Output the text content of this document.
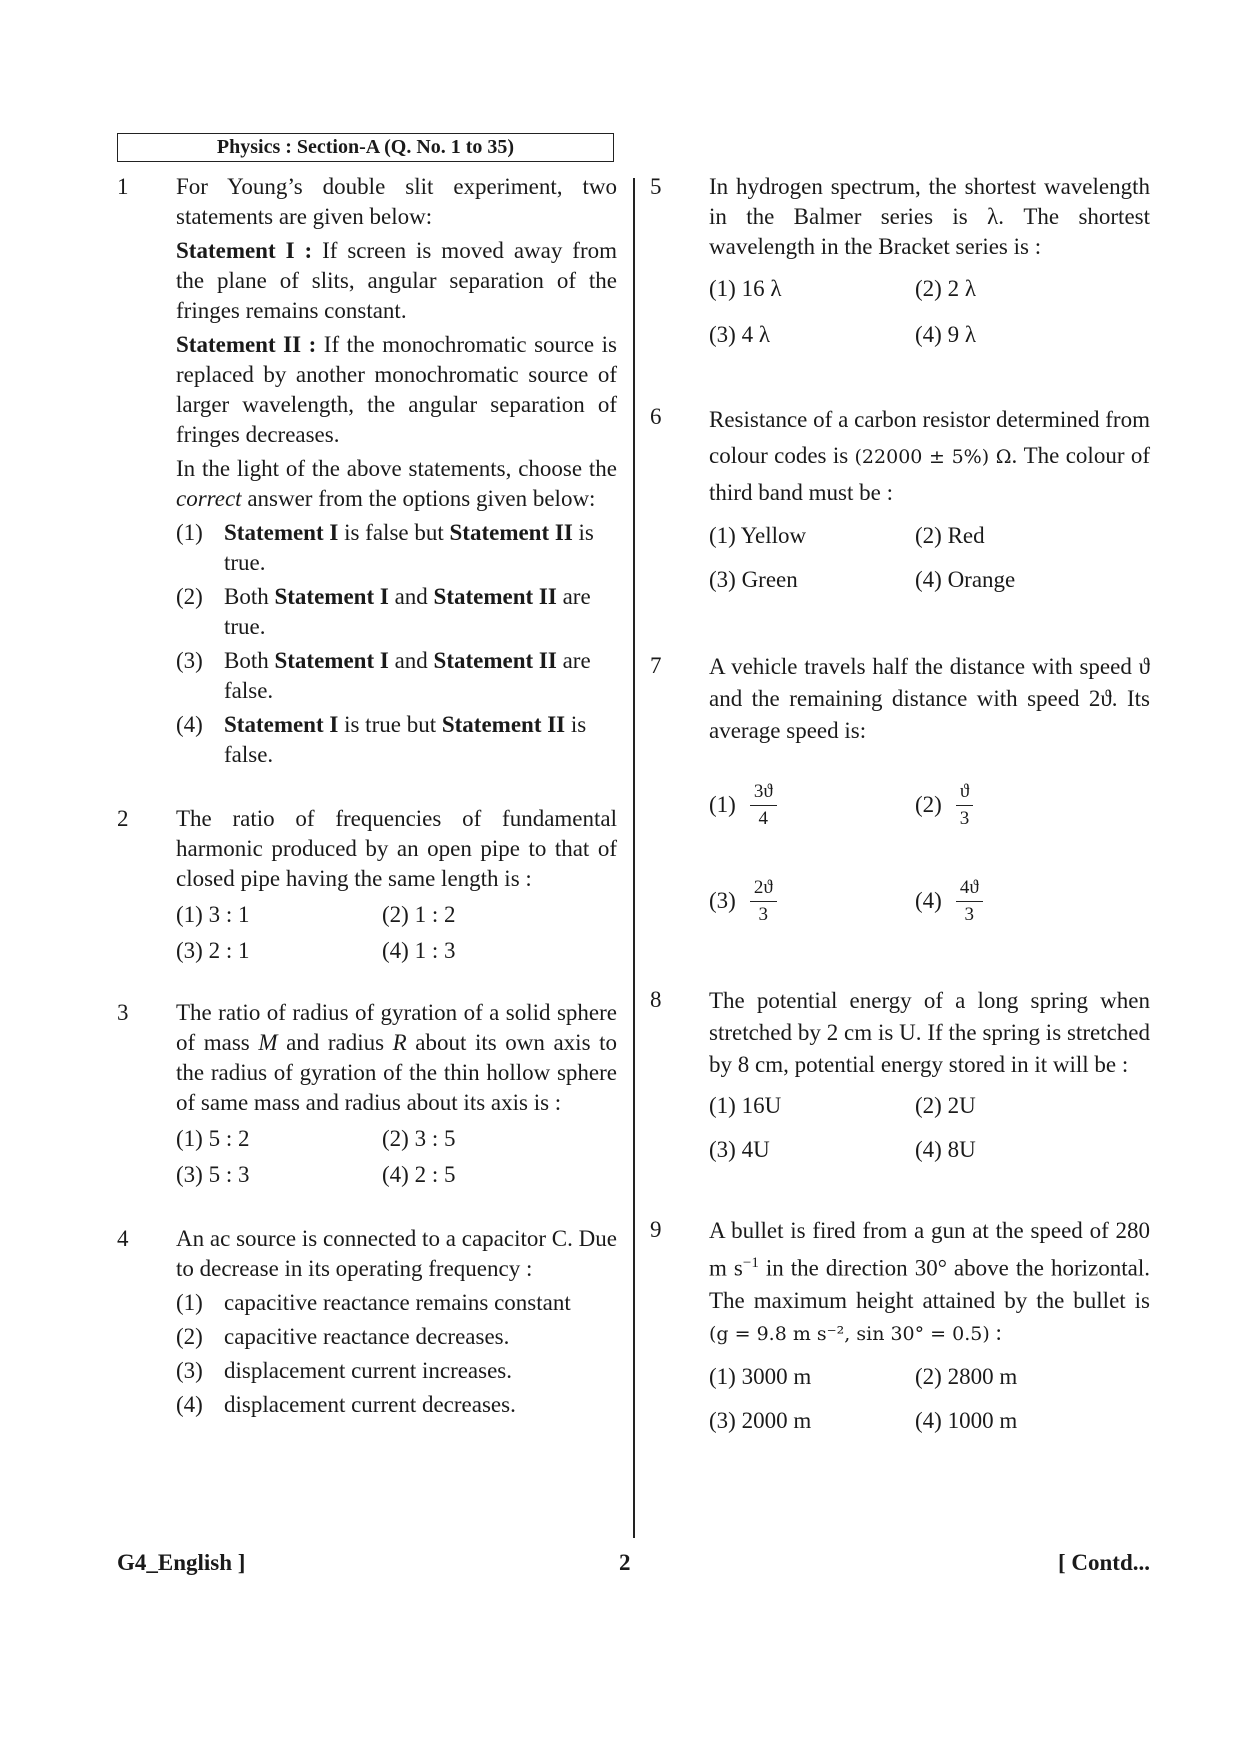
Physics : Section-A (Q. No. 1 to 35)
1	For Young’s double slit experiment, two statements are given below:
Statement I : If screen is moved away from the plane of slits, angular separation of the fringes remains constant.
Statement II : If the monochromatic source is replaced by another monochromatic source of larger wavelength, the angular separation of fringes decreases.
In the light of the above statements, choose the correct answer from the options given below:
(1) Statement I is false but Statement II is true.
(2) Both Statement I and Statement II are true.
(3) Both Statement I and Statement II are false.
(4) Statement I is true but Statement II is false.
2	The ratio of frequencies of fundamental harmonic produced by an open pipe to that of closed pipe having the same length is :
(1) 3 : 1	(2) 1 : 2
(3) 2 : 1	(4) 1 : 3
3	The ratio of radius of gyration of a solid sphere of mass M and radius R about its own axis to the radius of gyration of the thin hollow sphere of same mass and radius about its axis is :
(1) 5 : 2	(2) 3 : 5
(3) 5 : 3	(4) 2 : 5
4	An ac source is connected to a capacitor C. Due to decrease in its operating frequency :
(1) capacitive reactance remains constant
(2) capacitive reactance decreases.
(3) displacement current increases.
(4) displacement current decreases.
5	In hydrogen spectrum, the shortest wavelength in the Balmer series is λ. The shortest wavelength in the Bracket series is :
(1) 16 λ	(2) 2 λ
(3) 4 λ	(4) 9 λ
6	Resistance of a carbon resistor determined from colour codes is (22000 ± 5%) Ω. The colour of third band must be :
(1) Yellow	(2) Red
(3) Green	(4) Orange
7	A vehicle travels half the distance with speed ϑ and the remaining distance with speed 2ϑ. Its average speed is:
$(1) \frac{3ϑ}{4}$	$(2) \frac{ϑ}{3}$
$(3) \frac{2ϑ}{3}$	$(4) \frac{4ϑ}{3}$
8	The potential energy of a long spring when stretched by 2 cm is U. If the spring is stretched by 8 cm, potential energy stored in it will be :
(1) 16U	(2) 2U
(3) 4U	(4) 8U
9	A bullet is fired from a gun at the speed of 280 m $s^{-1}$ in the direction 30° above the horizontal. The maximum height attained by the bullet is (g = 9.8 m s⁻², sin 30° = 0.5) :
(1) 3000 m	(2) 2800 m
(3) 2000 m	(4) 1000 m
G4_English ]	2	[ Contd...
